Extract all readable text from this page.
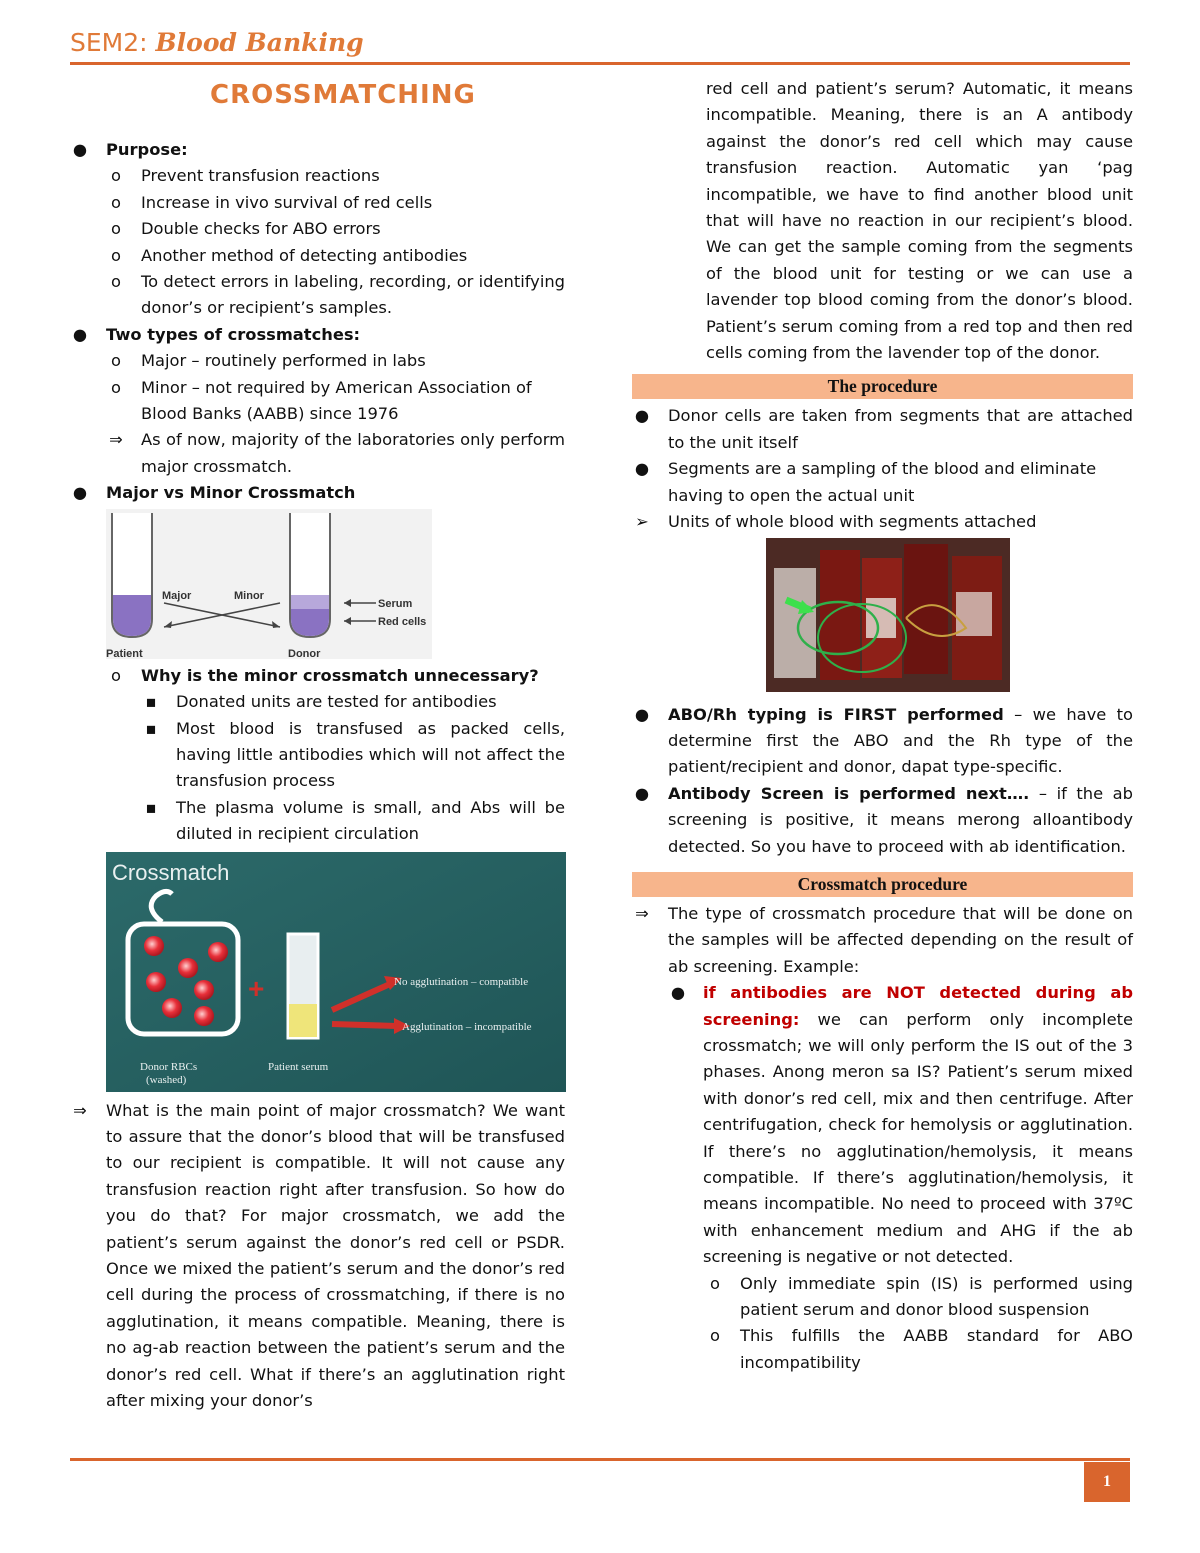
SEM2: Blood Banking
CROSSMATCHING
● Purpose:
o	Prevent transfusion reactions
o	Increase in vivo survival of red cells
o	Double checks for ABO errors
o	Another method of detecting antibodies
o	To detect errors in labeling, recording, or identifying donor’s or recipient’s samples.
● Two types of crossmatches:
o	Major – routinely performed in labs
o	Minor – not required by American Association of Blood Banks (AABB) since 1976
⇒ As of now, majority of the laboratories only perform major crossmatch.
● Major vs Minor Crossmatch
Major	Minor
Serum
Red cells
Patient	Donor
o	Why is the minor crossmatch unnecessary?
▪ Donated units are tested for antibodies
▪ Most blood is transfused as packed cells, having little antibodies which will not affect the transfusion process
▪ The plasma volume is small, and Abs will be diluted in recipient circulation
Crossmatch
+	No agglutination – compatible
Agglutination – incompatible
Donor RBCs
(washed)
Patient serum
⇒ What is the main point of major crossmatch? We want to assure that the donor’s blood that will be transfused to our recipient is compatible. It will not cause any transfusion reaction right after transfusion. So how do you do that? For major crossmatch, we add the patient’s serum against the donor’s red cell or PSDR. Once we mixed the patient’s serum and the donor’s red cell during the process of crossmatching, if there is no agglutination, it means compatible. Meaning, there is no ag-ab reaction between the patient’s serum and the donor’s red cell. What if there’s an agglutination right after mixing your donor’s
red cell and patient’s serum? Automatic, it means incompatible. Meaning, there is an A antibody against the donor’s red cell which may cause transfusion reaction. Automatic yan ‘pag incompatible, we have to find another blood unit that will have no reaction in our recipient’s blood. We can get the sample coming from the segments of the blood unit for testing or we can use a lavender top blood coming from the donor’s blood. Patient’s serum coming from a red top and then red cells coming from the lavender top of the donor.
The procedure
● Donor cells are taken from segments that are attached to the unit itself
● Segments are a sampling of the blood and eliminate having to open the actual unit
➢ Units of whole blood with segments attached
● ABO/Rh typing is FIRST performed – we have to determine first the ABO and the Rh type of the patient/recipient and donor, dapat type-specific.
● Antibody Screen is performed next…. – if the ab screening is positive, it means merong alloantibody detected. So you have to proceed with ab identification.
Crossmatch procedure
⇒ The type of crossmatch procedure that will be done on the samples will be affected depending on the result of ab screening. Example:
● if antibodies are NOT detected during ab screening: we can perform only incomplete crossmatch; we will only perform the IS out of the 3 phases. Anong meron sa IS? Patient’s serum mixed with donor’s red cell, mix and then centrifuge. After centrifugation, check for hemolysis or agglutination. If there’s no agglutination/hemolysis, it means compatible. If there’s agglutination/hemolysis, it means incompatible. No need to proceed with 37ºC with enhancement medium and AHG if the ab screening is negative or not detected.
o	Only immediate spin (IS) is performed using patient serum and donor blood suspension
o	This fulfills the AABB standard for ABO incompatibility
1
